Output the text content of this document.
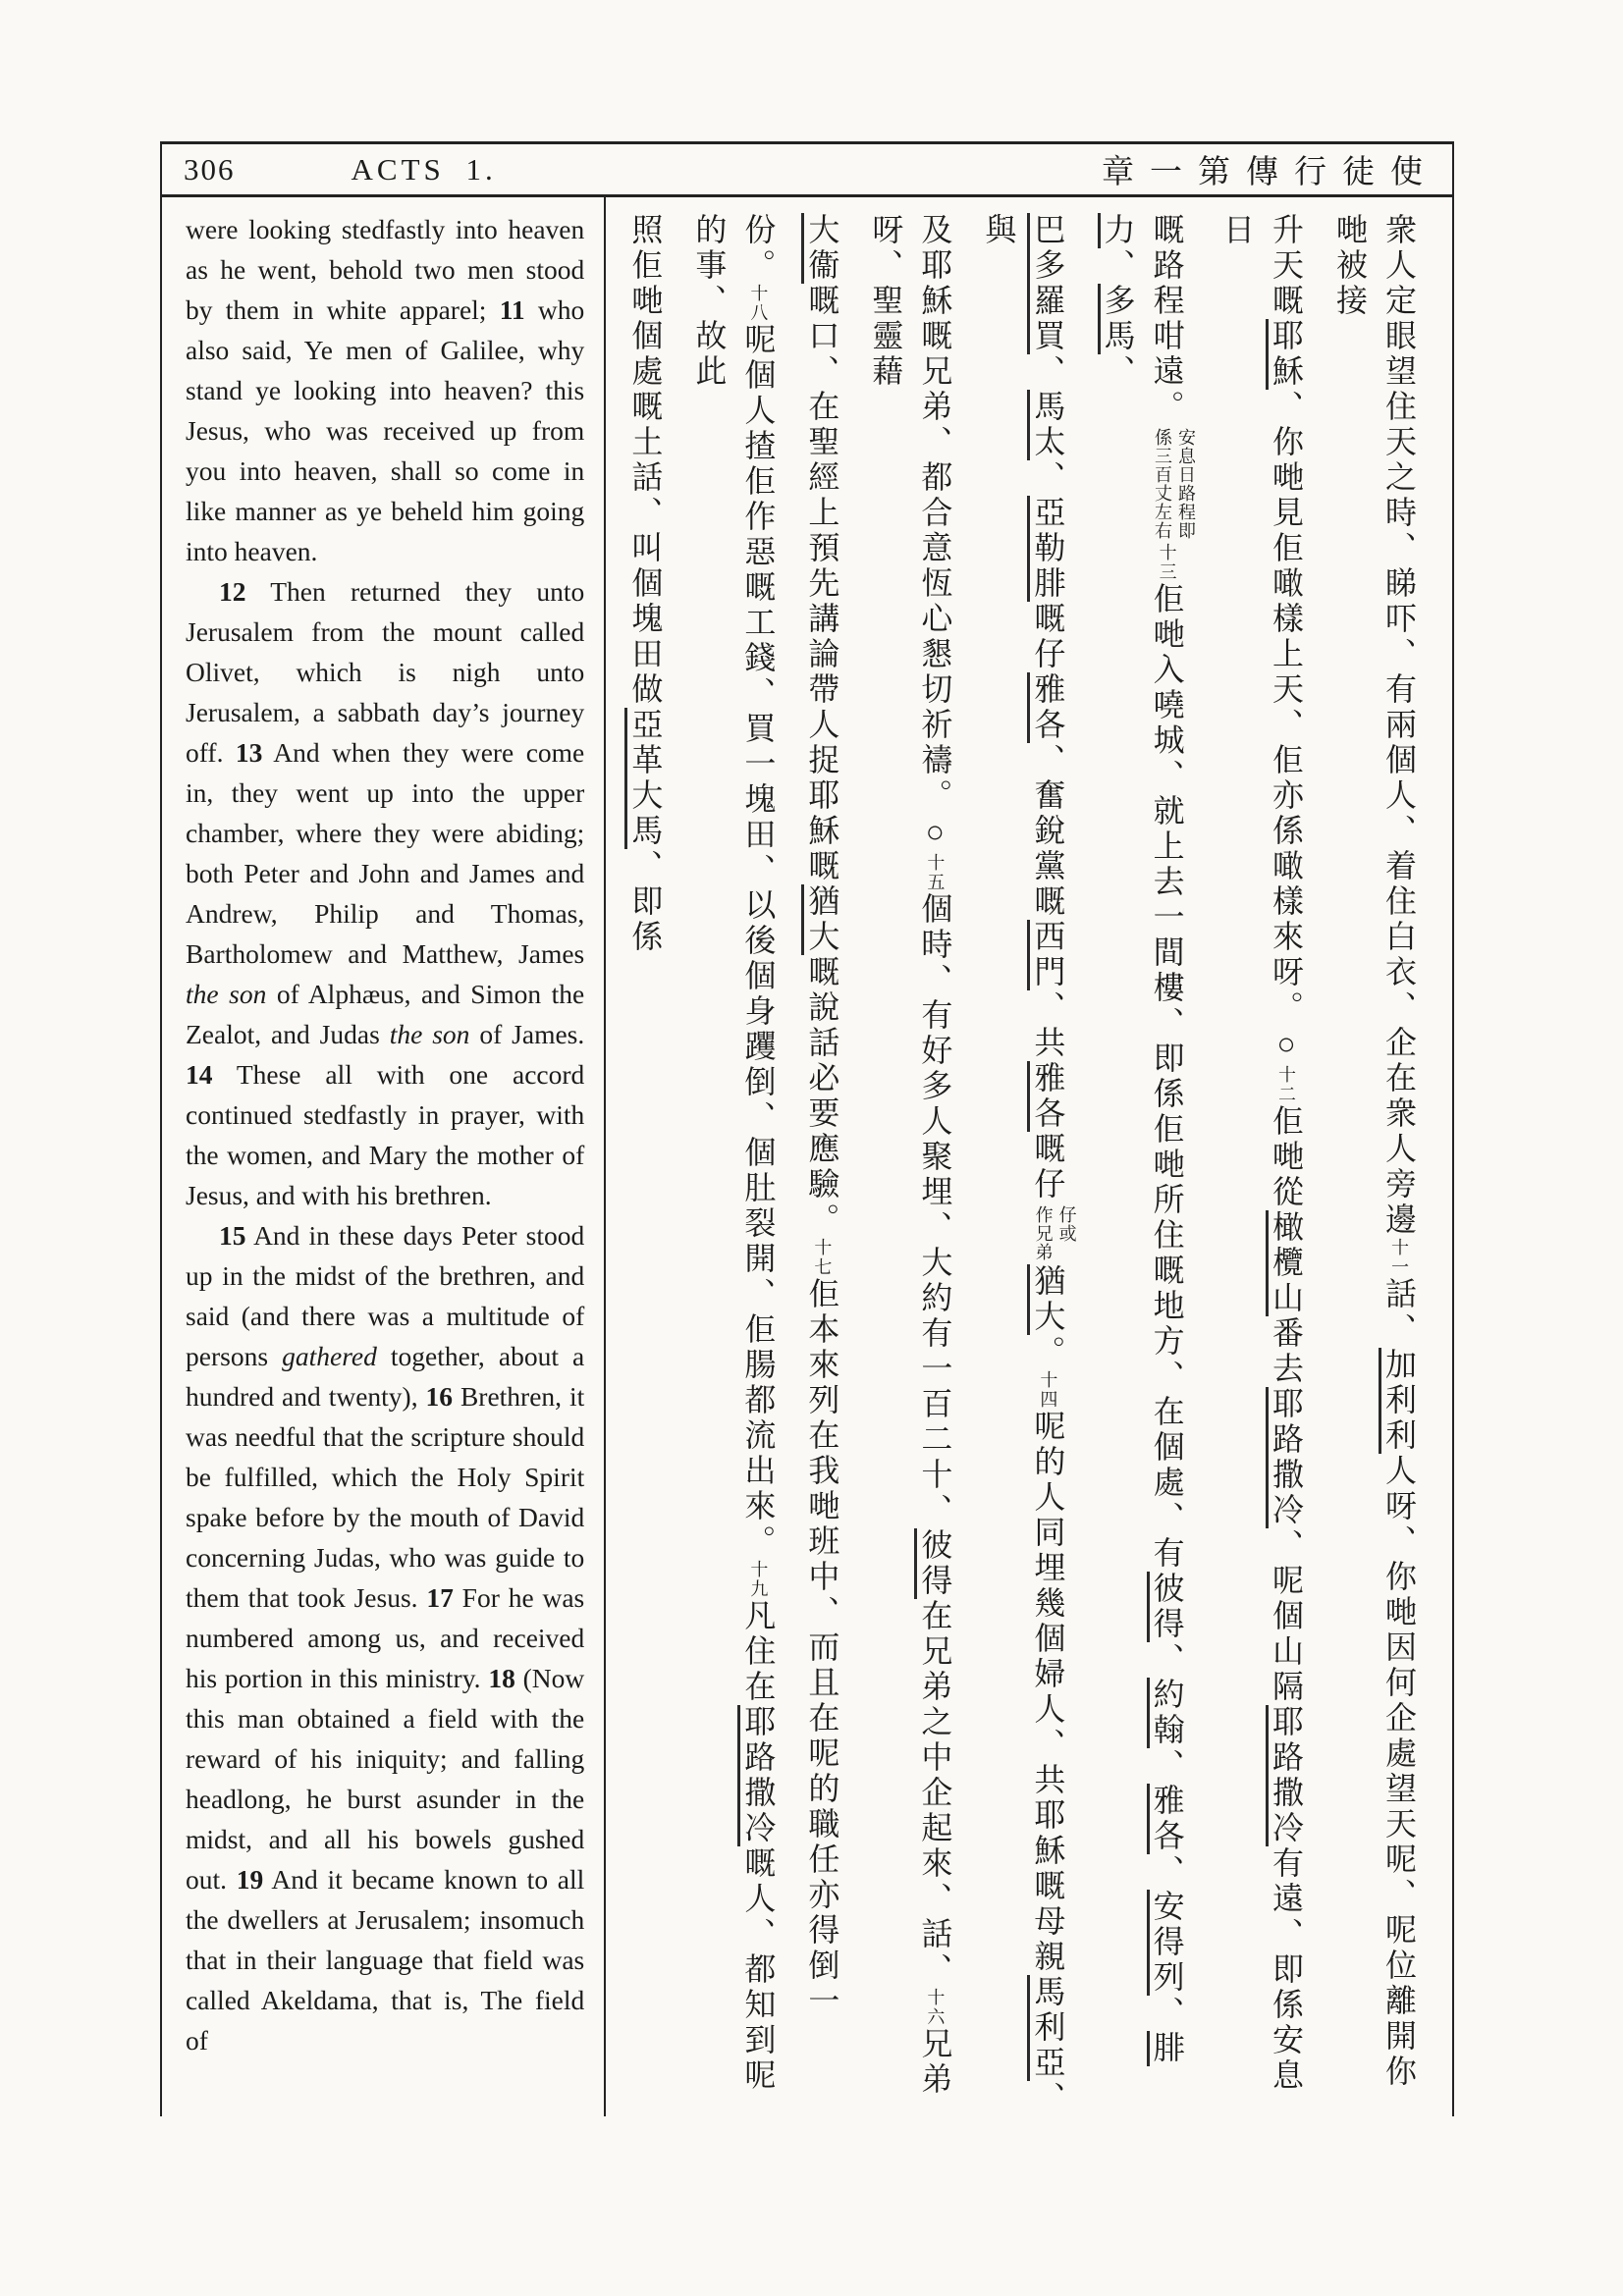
306	ACTS 1.	章一第傳行徒使

were looking stedfastly into heaven as he went, behold two men stood by them in white apparel; 11 who also said, Ye men of Galilee, why stand ye looking into heaven? this Jesus, who was received up from you into heaven, shall so come in like manner as ye beheld him going into heaven.

12 Then returned they unto Jerusalem from the mount called Olivet, which is nigh unto Jerusalem, a sabbath day’s journey off. 13 And when they were come in, they went up into the upper chamber, where they were abiding; both Peter and John and James and Andrew, Philip and Thomas, Bartholomew and Matthew, James the son of Alphæus, and Simon the Zealot, and Judas the son of James. 14 These all with one accord continued stedfastly in prayer, with the women, and Mary the mother of Jesus, and with his brethren.

15 And in these days Peter stood up in the midst of the brethren, and said (and there was a multitude of persons gathered together, about a hundred and twenty), 16 Brethren, it was needful that the scripture should be fulfilled, which the Holy Spirit spake before by the mouth of David concerning Judas, who was guide to them that took Jesus. 17 For he was numbered among us, and received his portion in this ministry. 18 (Now this man obtained a field with the reward of his iniquity; and falling headlong, he burst asunder in the midst, and all his bowels gushed out. 19 And it became known to all the dwellers at Jerusalem; insomuch that in their language that field was called Akeldama, that is, The field of

衆人定眼望住天之時、睇吓、有兩個人、着住白衣、企在衆人旁邊十一話、加利利人呀、你哋因何企處望天呢、呢位離開你哋被接
升天嘅耶穌、你哋見佢噉樣上天、佢亦係噉樣來呀。○十二佢哋從橄欖山番去耶路撒冷、呢個山隔耶路撒冷有遠、即係安息日
嘅路程咁遠。
安息日路程即
係三百丈左右
十三佢哋入嘵城、就上去一間樓、即係佢哋所住嘅地方、在個處、有彼得、約翰、雅各、安得列、腓力、多馬、
巴多羅買、馬太、亞勒腓嘅仔雅各、奮銳黨嘅西門、共雅各嘅仔
仔或
作兄弟
猶大。十四呢的人同埋幾個婦人、共耶穌嘅母親馬利亞、與
及耶穌嘅兄弟、都合意恆心懇切祈禱。○十五個時、有好多人聚埋、大約有一百二十、彼得在兄弟之中企起來、話、十六兄弟呀、聖靈藉
大衞嘅口、在聖經上預先講論帶人捉耶穌嘅猶大嘅說話必要應驗。十七佢本來列在我哋班中、而且在呢的職任亦得倒一
份。十八呢個人揸佢作惡嘅工錢、買一塊田、以後個身躩倒、個肚裂開、佢腸都流出來。十九凡住在耶路撒冷嘅人、都知到呢的事、故此
照佢哋個處嘅土話、叫個塊田做亞革大馬、即係
